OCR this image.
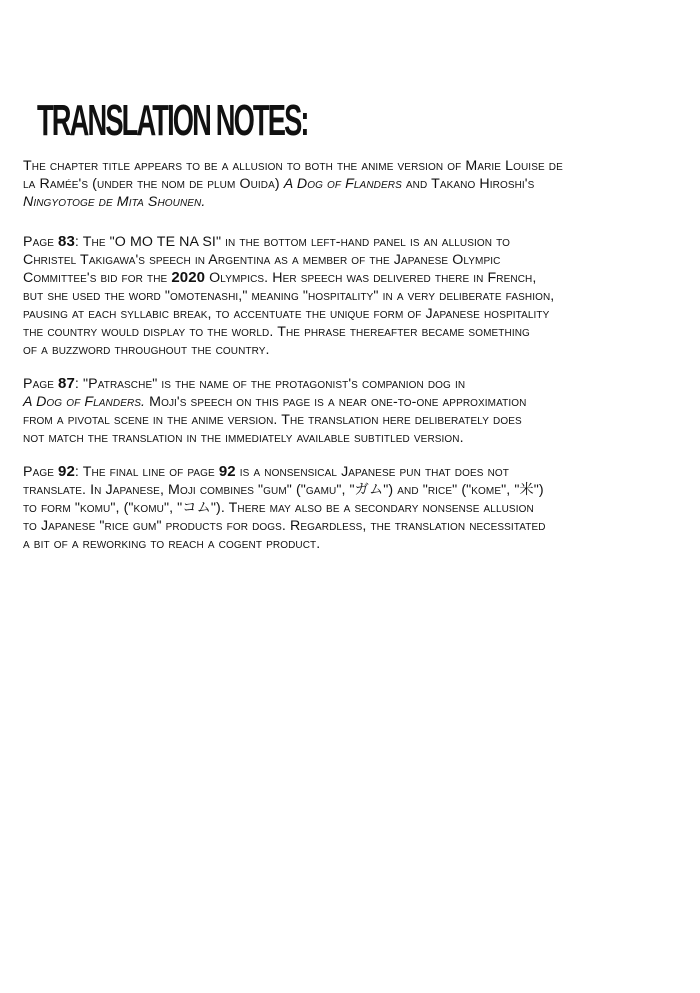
TRANSLATION NOTES:
The chapter title appears to be a allusion to both the anime version of Marie Louise de
la Ramée's (under the nom de plum Ouida) A Dog of Flanders and Takano Hiroshi's
Ningyotoge de Mita Shounen.
Page 83: The "O MO TE NA SI" in the bottom left-hand panel is an allusion to
Christel Takigawa's speech in Argentina as a member of the Japanese Olympic
Committee's bid for the 2020 Olympics. Her speech was delivered there in French,
but she used the word "omotenashi," meaning "hospitality" in a very deliberate fashion,
pausing at each syllabic break, to accentuate the unique form of Japanese hospitality
the country would display to the world. The phrase thereafter became something
of a buzzword throughout the country.
Page 87: "Patrasche" is the name of the protagonist's companion dog in
A Dog of Flanders. Moji's speech on this page is a near one-to-one approximation
from a pivotal scene in the anime version. The translation here deliberately does
not match the translation in the immediately available subtitled version.
Page 92: The final line of page 92 is a nonsensical Japanese pun that does not
translate. In Japanese, Moji combines "gum" ("gamu", "ガム") and "rice" ("kome", "米")
to form "komu", ("komu", "コム"). There may also be a secondary nonsense allusion
to Japanese "rice gum" products for dogs. Regardless, the translation necessitated
a bit of a reworking to reach a cogent product.
